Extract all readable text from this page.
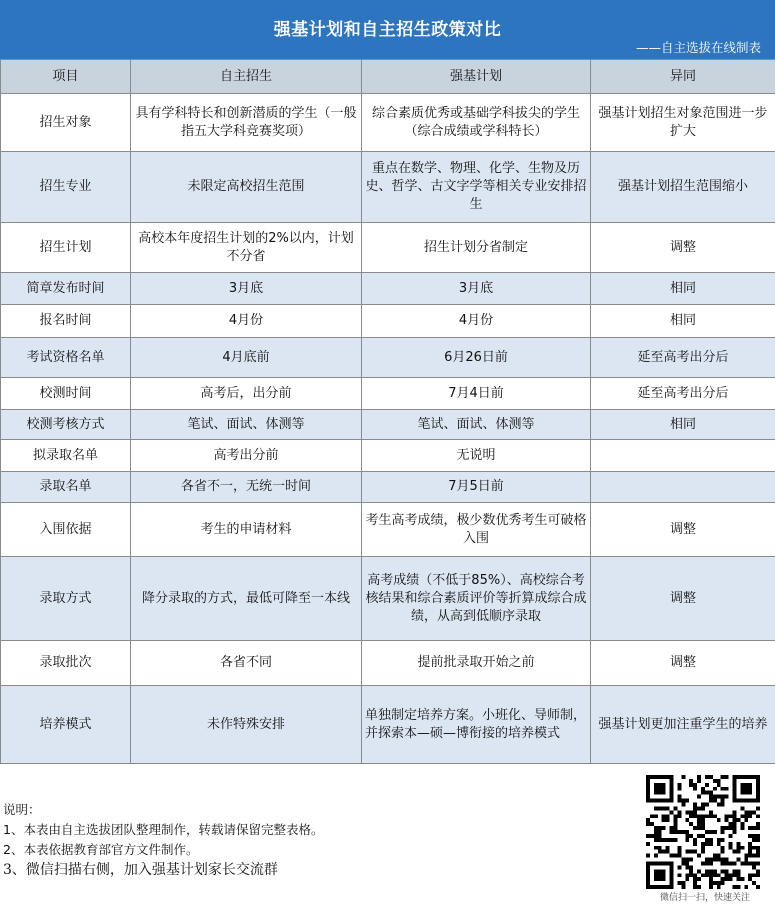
强基计划和自主招生政策对比
——自主选拔在线制表
项目	自主招生	强基计划	异同
招生对象	具有学科特长和创新潜质的学生（一般指五大学科竞赛奖项）	综合素质优秀或基础学科拔尖的学生（综合成绩或学科特长）	强基计划招生对象范围进一步扩大
招生专业	未限定高校招生范围	重点在数学、物理、化学、生物及历史、哲学、古文字学等相关专业安排招生	强基计划招生范围缩小
招生计划	高校本年度招生计划的2%以内，计划不分省	招生计划分省制定	调整
简章发布时间	3月底	3月底	相同
报名时间	4月份	4月份	相同
考试资格名单	4月底前	6月26日前	延至高考出分后
校测时间	高考后，出分前	7月4日前	延至高考出分后
校测考核方式	笔试、面试、体测等	笔试、面试、体测等	相同
拟录取名单	高考出分前	无说明	
录取名单	各省不一，无统一时间	7月5日前	
入围依据	考生的申请材料	考生高考成绩，极少数优秀考生可破格入围	调整
录取方式	降分录取的方式，最低可降至一本线	高考成绩（不低于85%）、高校综合考核结果和综合素质评价等折算成综合成绩，从高到低顺序录取	调整
录取批次	各省不同	提前批录取开始之前	调整
培养模式	未作特殊安排	单独制定培养方案。小班化、导师制，并探索本—硕—博衔接的培养模式	强基计划更加注重学生的培养
说明：
1、本表由自主选拔团队整理制作，转载请保留完整表格。
2、本表依据教育部官方文件制作。
3、微信扫描右侧，加入强基计划家长交流群
微信扫一扫，快速关注
